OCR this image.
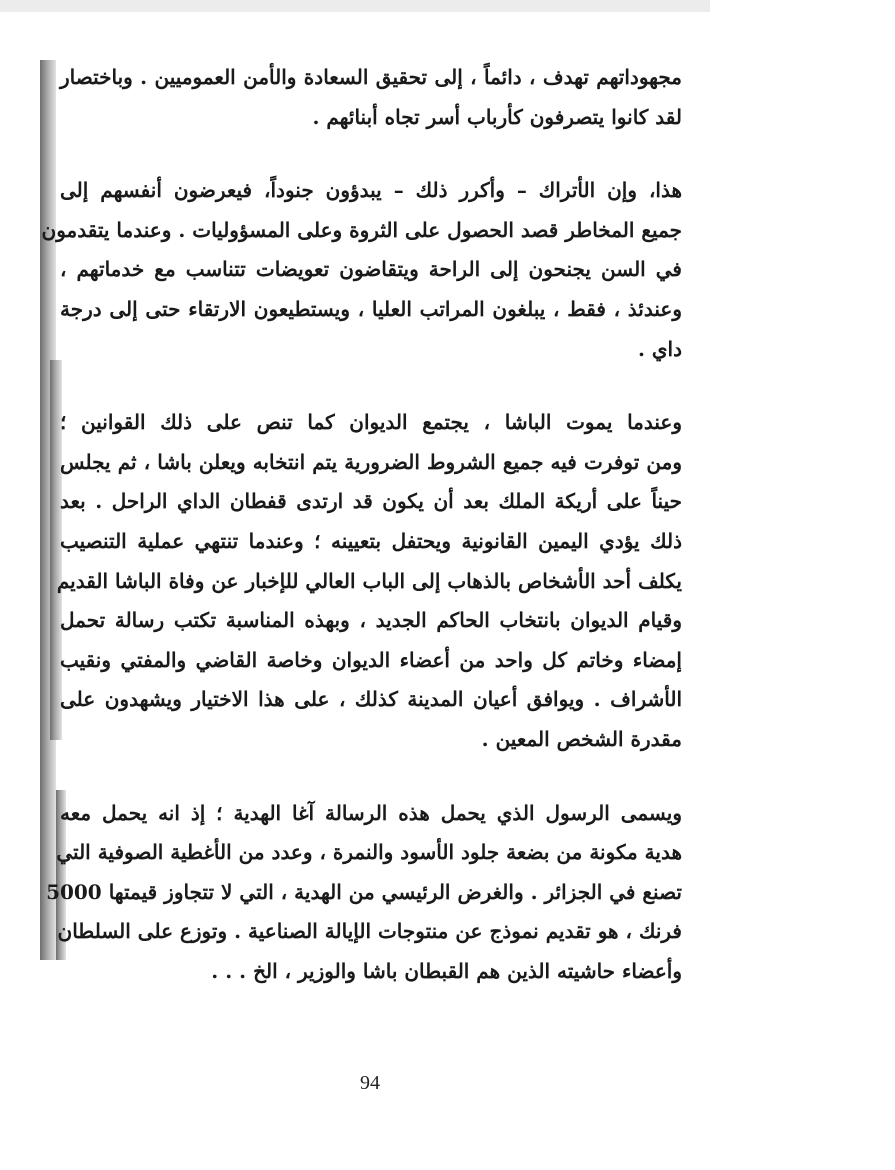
مجهوداتهم تهدف ، دائماً ، إلى تحقيق السعادة والأمن العموميين . وباختصار
لقد كانوا يتصرفون كأرباب أسر تجاه أبنائهم .
هذا، وإن الأتراك – وأكرر ذلك – يبدؤون جنوداً، فيعرضون أنفسهم إلى
جميع المخاطر قصد الحصول على الثروة وعلى المسؤوليات . وعندما يتقدمون
في السن يجنحون إلى الراحة ويتقاضون تعويضات تتناسب مع خدماتهم ،
وعندئذ ، فقط ، يبلغون المراتب العليا ، ويستطيعون الارتقاء حتى إلى درجة
داي .
وعندما يموت الباشا ، يجتمع الديوان كما تنص على ذلك القوانين ؛
ومن توفرت فيه جميع الشروط الضرورية يتم انتخابه ويعلن باشا ، ثم يجلس
حيناً على أريكة الملك بعد أن يكون قد ارتدى قفطان الداي الراحل . بعد
ذلك يؤدي اليمين القانونية ويحتفل بتعيينه ؛ وعندما تنتهي عملية التنصيب
يكلف أحد الأشخاص بالذهاب إلى الباب العالي للإخبار عن وفاة الباشا القديم
وقيام الديوان بانتخاب الحاكم الجديد ، وبهذه المناسبة تكتب رسالة تحمل
إمضاء وخاتم كل واحد من أعضاء الديوان وخاصة القاضي والمفتي ونقيب
الأشراف . ويوافق أعيان المدينة كذلك ، على هذا الاختيار ويشهدون على
مقدرة الشخص المعين .
ويسمى الرسول الذي يحمل هذه الرسالة آغا الهدية ؛ إذ انه يحمل معه
هدية مكونة من بضعة جلود الأسود والنمرة ، وعدد من الأغطية الصوفية التي
تصنع في الجزائر . والغرض الرئيسي من الهدية ، التي لا تتجاوز قيمتها 5000
فرنك ، هو تقديم نموذج عن منتوجات الإيالة الصناعية . وتوزع على السلطان
وأعضاء حاشيته الذين هم القبطان باشا والوزير ، الخ . . .
94
